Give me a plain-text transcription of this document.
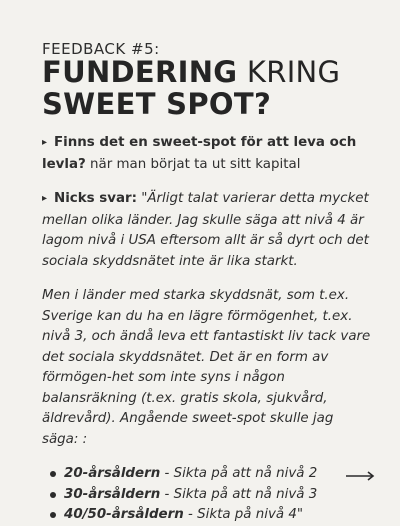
FEEDBACK #5:
FUNDERING KRING
SWEET SPOT?

▸ Finns det en sweet-spot för att leva och levla? när man börjat ta ut sitt kapital

▸ Nicks svar: "Ärligt talat varierar detta mycket mellan olika länder. Jag skulle säga att nivå 4 är lagom nivå i USA eftersom allt är så dyrt och det sociala skyddsnätet inte är lika starkt.

Men i länder med starka skyddsnät, som t.ex. Sverige kan du ha en lägre förmögenhet, t.ex. nivå 3, och ändå leva ett fantastiskt liv tack vare det sociala skyddsnätet. Det är en form av förmögen-het som inte syns i någon balansräkning (t.ex. gratis skola, sjukvård, äldrevård). Angående sweet-spot skulle jag säga: :

20-årsåldern - Sikta på att nå nivå 2
30-årsåldern - Sikta på att nå nivå 3
40/50-årsåldern - Sikta på nivå 4"
